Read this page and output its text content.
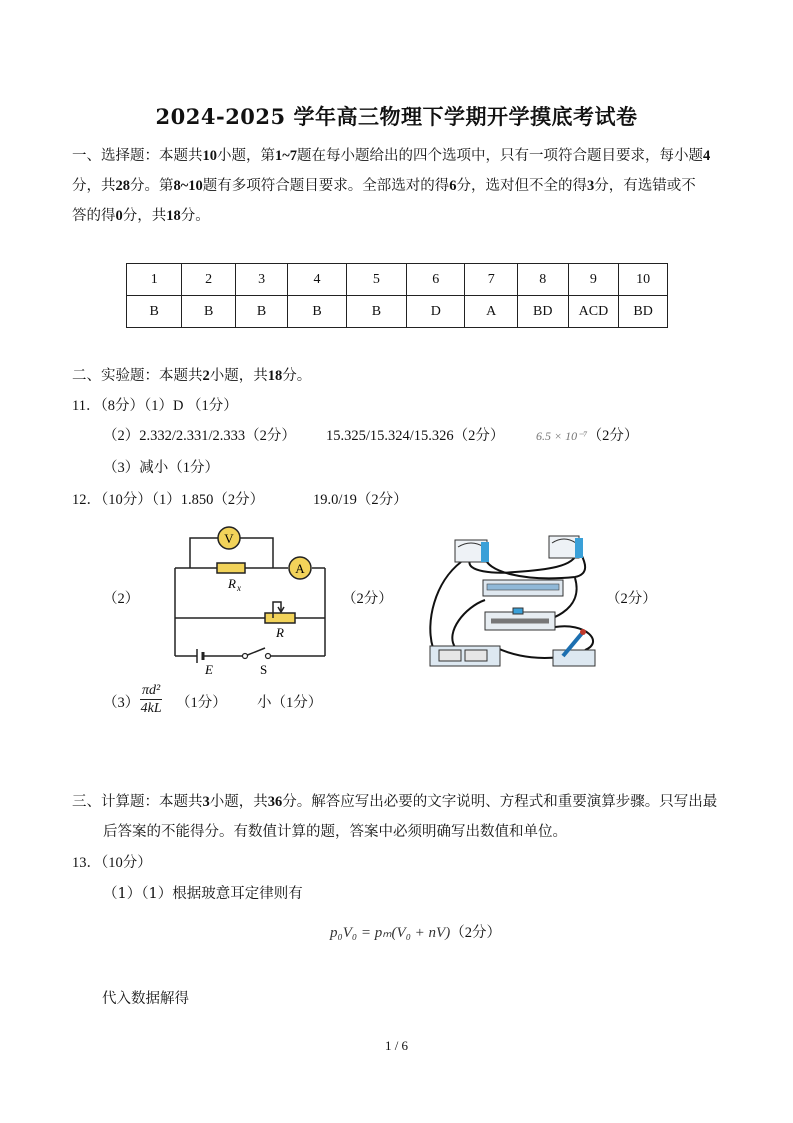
2024-2025 学年高三物理下学期开学摸底考试卷
一、选择题：本题共10小题，第1~7题在每小题给出的四个选项中，只有一项符合题目要求，每小题4
分，共28分。第8~10题有多项符合题目要求。全部选对的得6分，选对但不全的得3分，有选错或不
答的得0分，共18分。
1	2	3	4	5	6	7	8	9	10
B	B	B	B	B	D	A	BD	ACD	BD
二、实验题：本题共2小题，共18分。
11．（8分）（1）D （1分）
（2）2.332/2.331/2.333（2分） 15.325/15.324/15.326（2分）	6.5 × 10⁻⁷（2分）
（3）减小（1分）
12．（10分）（1）1.850（2分）	19.0/19（2分）
（2）
V
A
R x
R
E	S
（2分）	（2分）
$(3) \frac{\text{πd²}}{4kL} (1$分） 小（1分）
三、计算题：本题共3小题，共36分。解答应写出必要的文字说明、方程式和重要演算步骤。只写出最
后答案的不能得分。有数值计算的题，答案中必须明确写出数值和单位。
13．（10分）
（1）（1）根据玻意耳定律则有
p₀V₀ = pₘ(V₀ + nV)（2分）
代入数据解得
1 / 6
